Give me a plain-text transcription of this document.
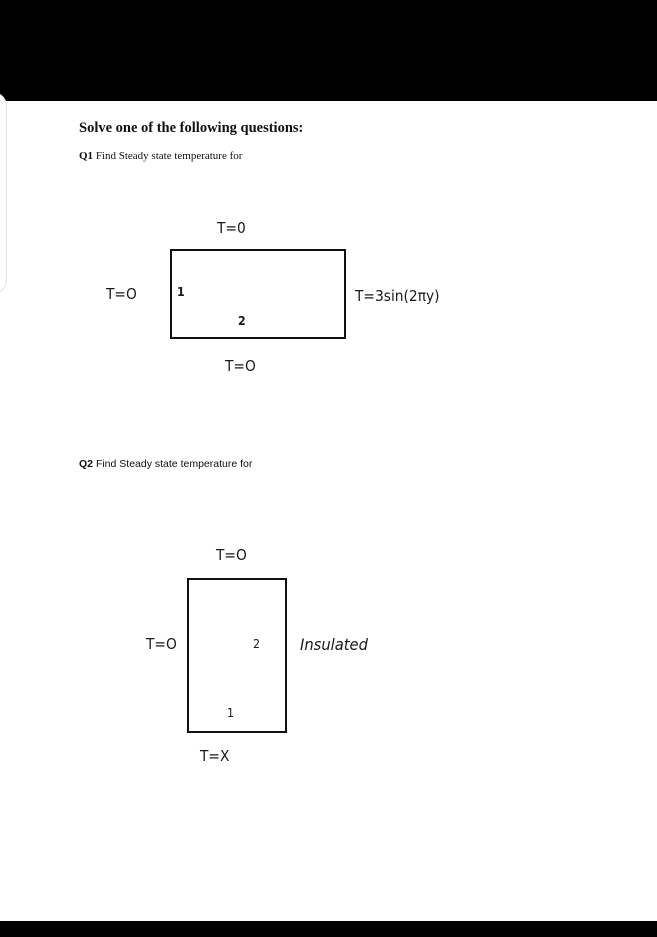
Solve one of the following questions:
Q1 Find Steady state temperature for
T=0
T=O	1
2
T=3sin(2πy)
T=O
Q2 Find Steady state temperature for
T=O
T=O	2
1
Insulated
T=X
